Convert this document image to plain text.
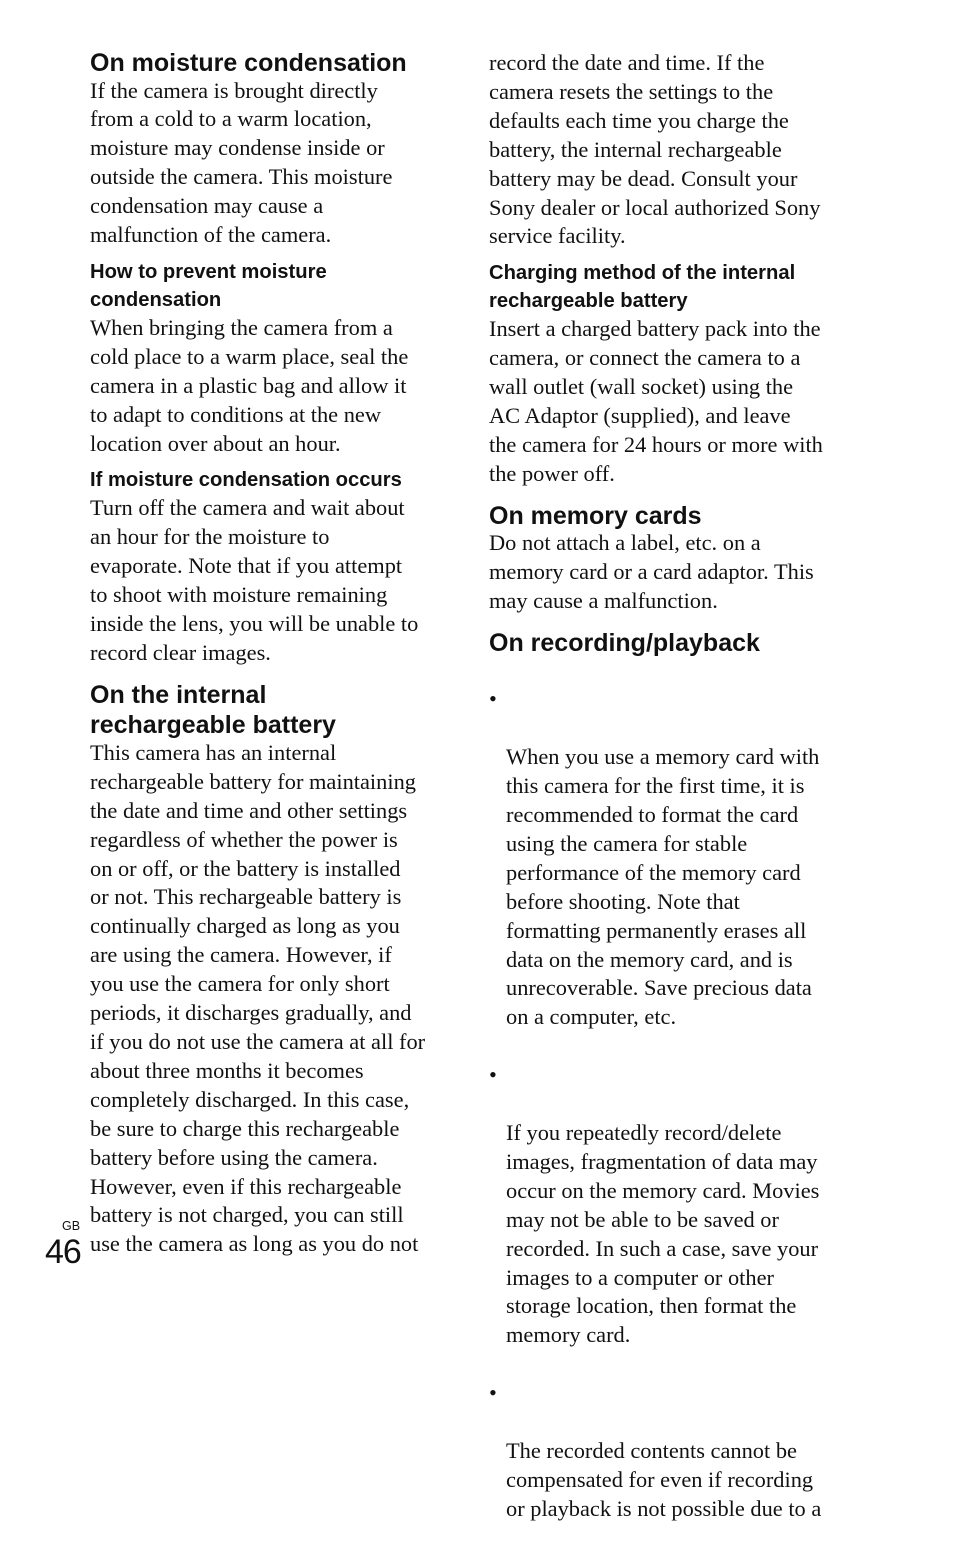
On moisture condensation

If the camera is brought directly
from a cold to a warm location,
moisture may condense inside or
outside the camera. This moisture
condensation may cause a
malfunction of the camera.

How to prevent moisture
condensation

When bringing the camera from a
cold place to a warm place, seal the
camera in a plastic bag and allow it
to adapt to conditions at the new
location over about an hour.

If moisture condensation occurs

Turn off the camera and wait about
an hour for the moisture to
evaporate. Note that if you attempt
to shoot with moisture remaining
inside the lens, you will be unable to
record clear images.

On the internal
rechargeable battery

This camera has an internal
rechargeable battery for maintaining
the date and time and other settings
regardless of whether the power is
on or off, or the battery is installed
or not. This rechargeable battery is
continually charged as long as you
are using the camera. However, if
you use the camera for only short
periods, it discharges gradually, and
if you do not use the camera at all for
about three months it becomes
completely discharged. In this case,
be sure to charge this rechargeable
battery before using the camera.
However, even if this rechargeable
battery is not charged, you can still
use the camera as long as you do not

record the date and time. If the
camera resets the settings to the
defaults each time you charge the
battery, the internal rechargeable
battery may be dead. Consult your
Sony dealer or local authorized Sony
service facility.

Charging method of the internal
rechargeable battery

Insert a charged battery pack into the
camera, or connect the camera to a
wall outlet (wall socket) using the
AC Adaptor (supplied), and leave
the camera for 24 hours or more with
the power off.

On memory cards

Do not attach a label, etc. on a
memory card or a card adaptor. This
may cause a malfunction.

On recording/playback

•

When you use a memory card with
this camera for the first time, it is
recommended to format the card
using the camera for stable
performance of the memory card
before shooting. Note that
formatting permanently erases all
data on the memory card, and is
unrecoverable. Save precious data
on a computer, etc.

•

If you repeatedly record/delete
images, fragmentation of data may
occur on the memory card. Movies
may not be able to be saved or
recorded. In such a case, save your
images to a computer or other
storage location, then format the
memory card.

•

The recorded contents cannot be
compensated for even if recording
or playback is not possible due to a

GB
46
